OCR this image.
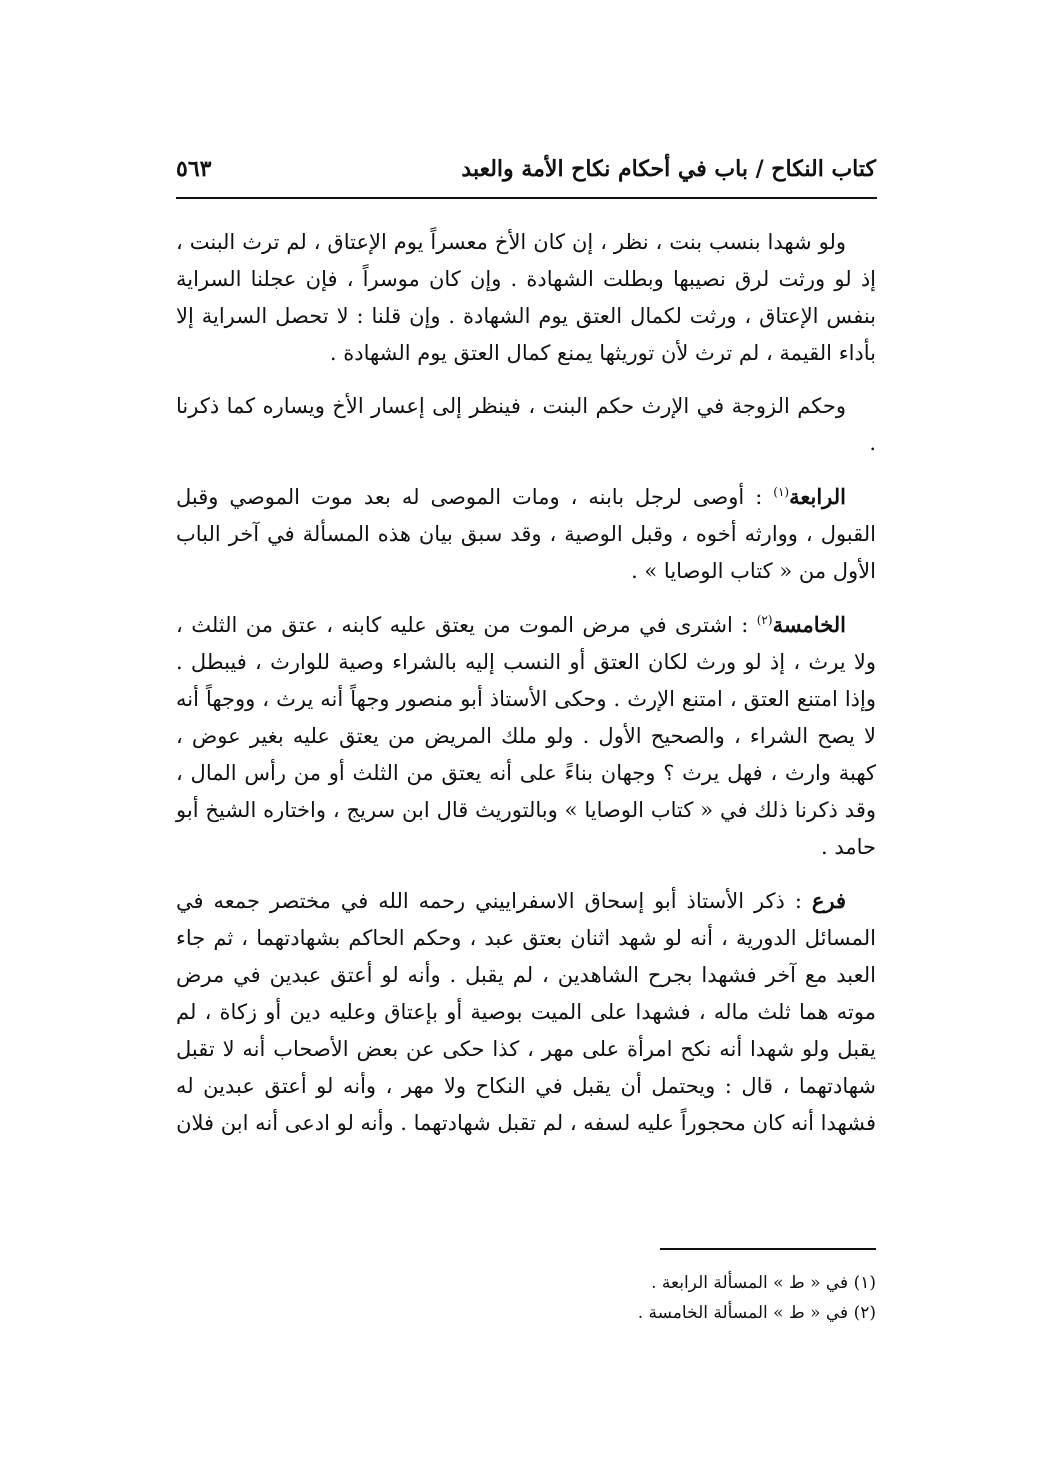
كتاب النكاح / باب في أحكام نكاح الأمة والعبد
٥٦٣

ولو شهدا بنسب بنت ، نظر ، إن كان الأخ معسراً يوم الإعتاق ، لم ترث البنت ، إذ لو ورثت لرق نصيبها وبطلت الشهادة . وإن كان موسراً ، فإن عجلنا السراية بنفس الإعتاق ، ورثت لكمال العتق يوم الشهادة . وإن قلنا : لا تحصل السراية إلا بأداء القيمة ، لم ترث لأن توريثها يمنع كمال العتق يوم الشهادة .

وحكم الزوجة في الإرث حكم البنت ، فينظر إلى إعسار الأخ ويساره كما ذكرنا .

الرابعة$^{(١)}$ : أوصى لرجل بابنه ، ومات الموصى له بعد موت الموصي وقبل القبول ، ووارثه أخوه ، وقبل الوصية ، وقد سبق بيان هذه المسألة في آخر الباب الأول من « كتاب الوصايا » .

الخامسة$^{(٢)}$ : اشترى في مرض الموت من يعتق عليه كابنه ، عتق من الثلث ، ولا يرث ، إذ لو ورث لكان العتق أو النسب إليه بالشراء وصية للوارث ، فيبطل . وإذا امتنع العتق ، امتنع الإرث . وحكى الأستاذ أبو منصور وجهاً أنه يرث ، ووجهاً أنه لا يصح الشراء ، والصحيح الأول . ولو ملك المريض من يعتق عليه بغير عوض ، كهبة وارث ، فهل يرث ؟ وجهان بناءً على أنه يعتق من الثلث أو من رأس المال ، وقد ذكرنا ذلك في « كتاب الوصايا » وبالتوريث قال ابن سريج ، واختاره الشيخ أبو حامد .

فرع : ذكر الأستاذ أبو إسحاق الاسفراييني رحمه الله في مختصر جمعه في المسائل الدورية ، أنه لو شهد اثنان بعتق عبد ، وحكم الحاكم بشهادتهما ، ثم جاء العبد مع آخر فشهدا بجرح الشاهدين ، لم يقبل . وأنه لو أعتق عبدين في مرض موته هما ثلث ماله ، فشهدا على الميت بوصية أو بإعتاق وعليه دين أو زكاة ، لم يقبل ولو شهدا أنه نكح امرأة على مهر ، كذا حكى عن بعض الأصحاب أنه لا تقبل شهادتهما ، قال : ويحتمل أن يقبل في النكاح ولا مهر ، وأنه لو أعتق عبدين له فشهدا أنه كان محجوراً عليه لسفه ، لم تقبل شهادتهما . وأنه لو ادعى أنه ابن فلان

(١) في « ط » المسألة الرابعة .

(٢) في « ط » المسألة الخامسة .
